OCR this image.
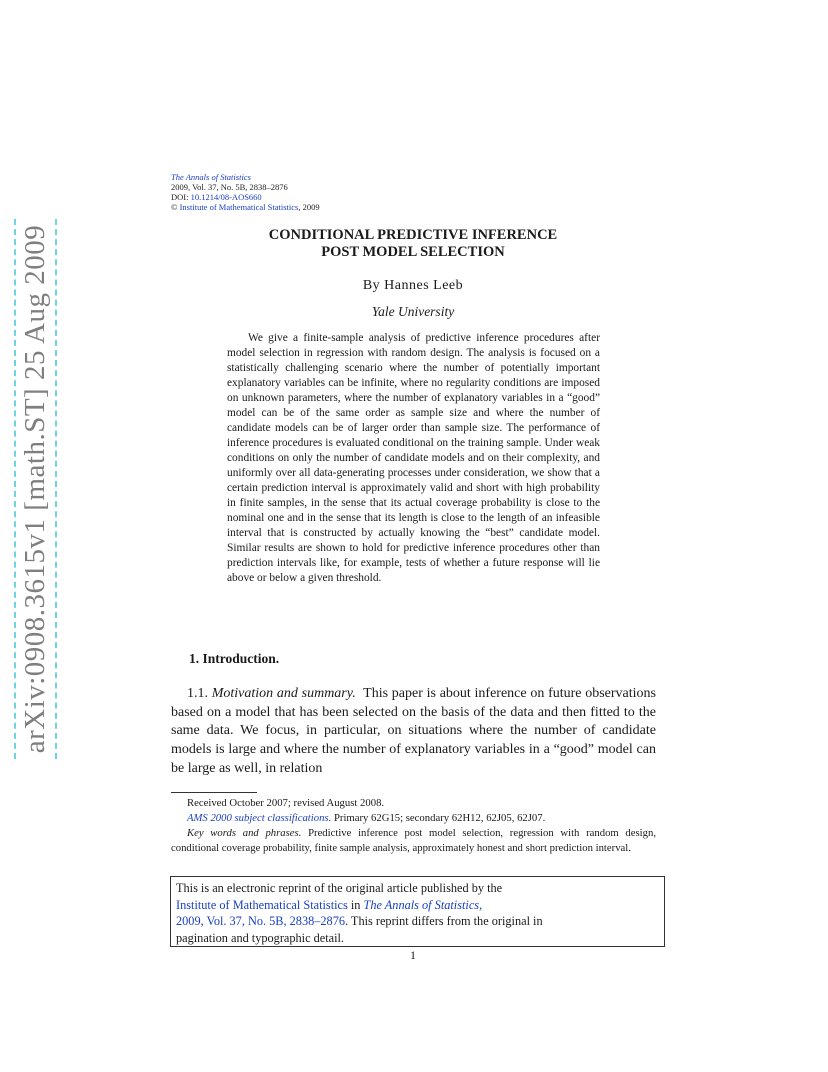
arXiv:0908.3615v1 [math.ST] 25 Aug 2009
The Annals of Statistics
2009, Vol. 37, No. 5B, 2838–2876
DOI: 10.1214/08-AOS660
© Institute of Mathematical Statistics, 2009
CONDITIONAL PREDICTIVE INFERENCE
POST MODEL SELECTION
By Hannes Leeb
Yale University

We give a finite-sample analysis of predictive inference procedures after model selection in regression with random design. The analysis is focused on a statistically challenging scenario where the number of potentially important explanatory variables can be infinite, where no regularity conditions are imposed on unknown parameters, where the number of explanatory variables in a “good” model can be of the same order as sample size and where the number of candidate models can be of larger order than sample size. The performance of inference procedures is evaluated conditional on the training sample. Under weak conditions on only the number of candidate models and on their complexity, and uniformly over all data-generating processes under consideration, we show that a certain prediction interval is approximately valid and short with high probability in finite samples, in the sense that its actual coverage probability is close to the nominal one and in the sense that its length is close to the length of an infeasible interval that is constructed by actually knowing the “best” candidate model. Similar results are shown to hold for predictive inference procedures other than prediction intervals like, for example, tests of whether a future response will lie above or below a given threshold.

1. Introduction.

1.1. Motivation and summary. This paper is about inference on future observations based on a model that has been selected on the basis of the data and then fitted to the same data. We focus, in particular, on situations where the number of candidate models is large and where the number of explanatory variables in a “good” model can be large as well, in relation

Received October 2007; revised August 2008.

AMS 2000 subject classifications. Primary 62G15; secondary 62H12, 62J05, 62J07.

Key words and phrases. Predictive inference post model selection, regression with random design, conditional coverage probability, finite sample analysis, approximately honest and short prediction interval.

This is an electronic reprint of the original article published by the
Institute of Mathematical Statistics in The Annals of Statistics,
2009, Vol. 37, No. 5B, 2838–2876. This reprint differs from the original in
pagination and typographic detail.
1
